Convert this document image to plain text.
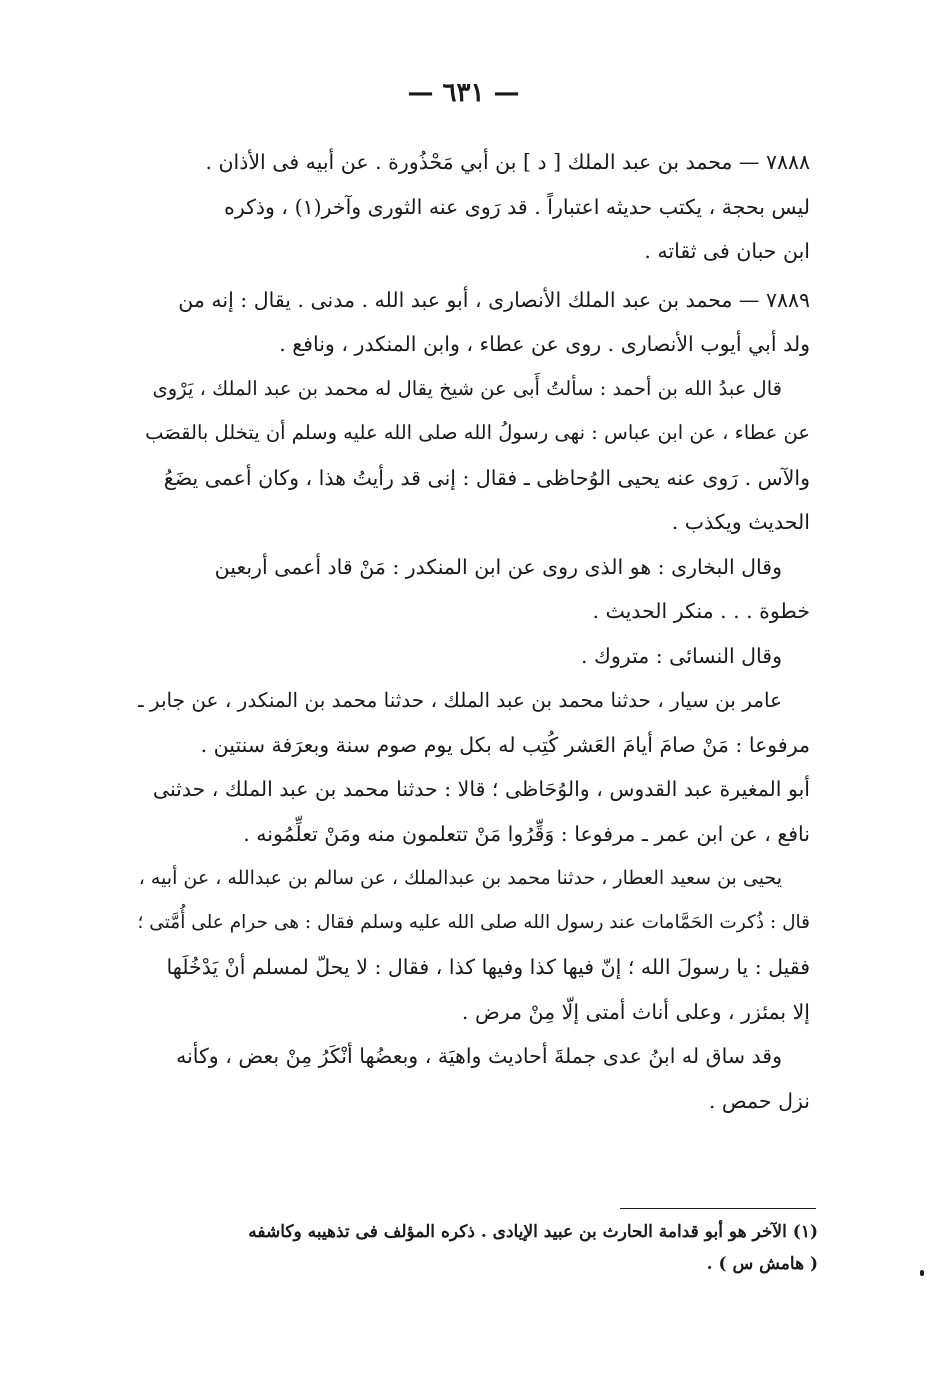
— ٦٣١ —
٧٨٨٨ — محمد بن عبد الملك [ د ] بن أبي مَحْذُورة . عن أبيه فى الأذان .
ليس بحجة ، يكتب حديثه اعتباراً . قد رَوى عنه الثورى وآخر(١) ، وذكره
ابن حبان فى ثقاته .
٧٨٨٩ — محمد بن عبد الملك الأنصارى ، أبو عبد الله . مدنى . يقال : إنه من
ولد أبي أيوب الأنصارى . روى عن عطاء ، وابن المنكدر ، ونافع .
قال عبدُ الله بن أحمد : سألتُ أَبى عن شيخ يقال له محمد بن عبد الملك ، يَرْوى
عن عطاء ، عن ابن عباس : نهى رسولُ الله صلى الله عليه وسلم أن يتخلل بالقصَب
والآس . رَوى عنه يحيى الوُحاظى ـ فقال : إنى قد رأيتُ هذا ، وكان أعمى يضَعُ
الحديث ويكذب .
وقال البخارى : هو الذى روى عن ابن المنكدر : مَنْ قاد أعمى أربعين
خطوة . . . منكر الحديث .
وقال النسائى : متروك .
عامر بن سيار ، حدثنا محمد بن عبد الملك ، حدثنا محمد بن المنكدر ، عن جابر ـ
مرفوعا : مَنْ صامَ أيامَ العَشر كُتِب له بكل يوم صوم سنة وبعرَفة سنتين .
أبو المغيرة عبد القدوس ، والوُحَاظى ؛ قالا : حدثنا محمد بن عبد الملك ، حدثنى
نافع ، عن ابن عمر ـ مرفوعا : وَقِّرُوا مَنْ تتعلمون منه ومَنْ تعلِّمُونه .
يحيى بن سعيد العطار ، حدثنا محمد بن عبدالملك ، عن سالم بن عبدالله ، عن أبيه ،
قال : ذُكرت الحَمَّامات عند رسول الله صلى الله عليه وسلم فقال : هى حرام على أُمَّتى ؛
فقيل : يا رسولَ الله ؛ إنّ فيها كذا وفيها كذا ، فقال : لا يحلّ لمسلم أنْ يَدْخُلَها
إلا بمئزر ، وعلى أناث أمتى إلّا مِنْ مرض .
وقد ساق له ابنُ عدى جملةَ أحاديث واهيَة ، وبعضُها أنْكَرُ مِنْ بعض ، وكأنه
نزل حمص .
(١) الآخر هو أبو قدامة الحارث بن عبيد الإيادى . ذكره المؤلف فى تذهيبه وكاشفه
( هامش س ) .
